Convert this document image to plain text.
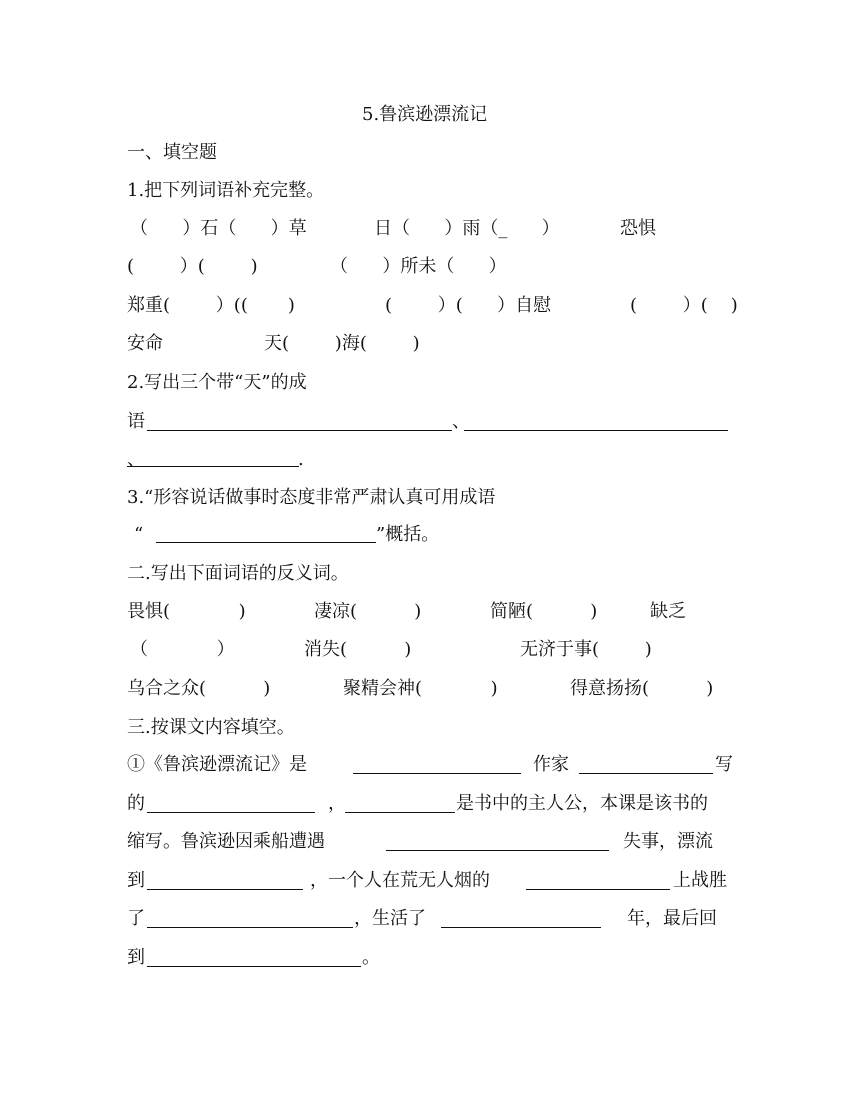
5.鲁滨逊漂流记
一、填空题
1.把下列词语补充完整。
（      ）石（      ）草	日（      ）雨（_      ）	恐惧
(        ）(        )	（      ）所未（      ）
郑重(        ）((       )	(        ）(      ）自慰	(        ）(    )
安命	天(        )海(        )
2.写出三个带“天”的成
语	、
、	.
3.“形容说话做事时态度非常严肃认真可用成语
“	”概括。
二.写出下面词语的反义词。
畏惧(            )	凄凉(          )	简陋(          )	缺乏
（            ）	消失(          )	无济于事(        )
乌合之众(          )	聚精会神(            )	得意扬扬(          )
三.按课文内容填空。
①《鲁滨逊漂流记》是	作家	写
的	，	是书中的主人公，本课是该书的
缩写。鲁滨逊因乘船遭遇	失事，漂流
到	，一个人在荒无人烟的	上战胜
了	，生活了	年，最后回
到	。
